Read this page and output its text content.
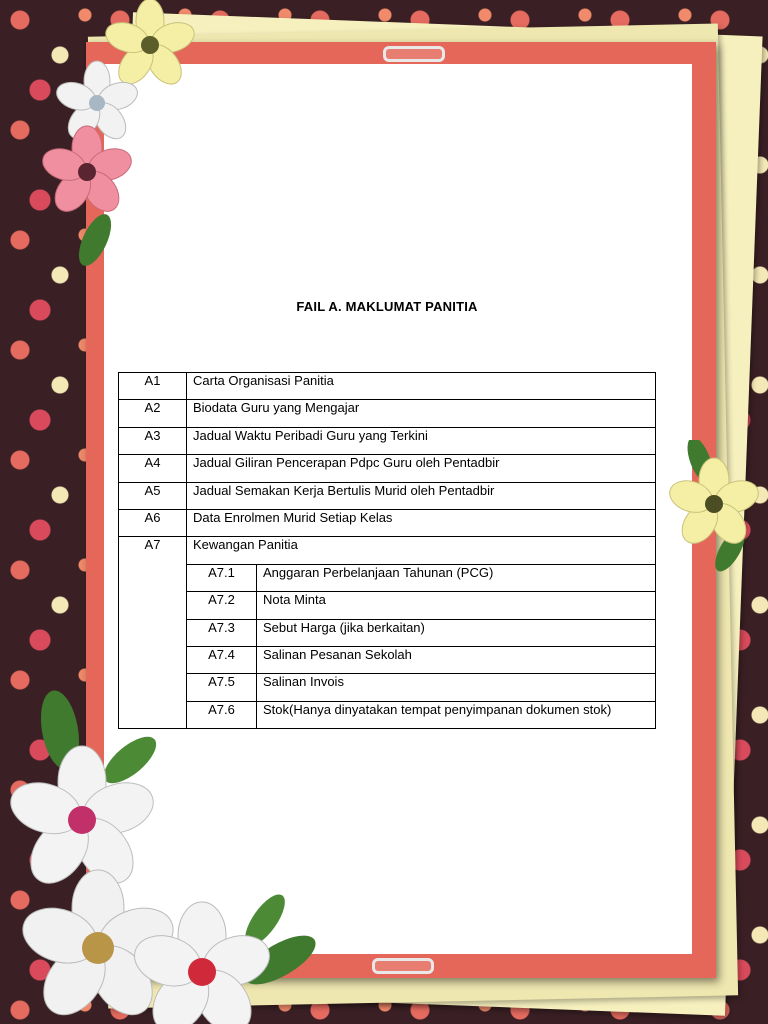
FAIL A. MAKLUMAT PANITIA
A1	Carta Organisasi Panitia	
A2	Biodata Guru yang Mengajar	
A3	Jadual Waktu Peribadi Guru yang Terkini	
A4	Jadual Giliran Pencerapan Pdpc Guru oleh Pentadbir	
A5	Jadual Semakan Kerja Bertulis Murid oleh Pentadbir	
A6	Data Enrolmen Murid Setiap Kelas	
A7	Kewangan Panitia	
	A7.1	Anggaran Perbelanjaan Tahunan (PCG)
	A7.2	Nota Minta
	A7.3	Sebut Harga (jika berkaitan)
	A7.4	Salinan Pesanan Sekolah
	A7.5	Salinan Invois
	A7.6	Stok(Hanya dinyatakan tempat penyimpanan dokumen stok)
